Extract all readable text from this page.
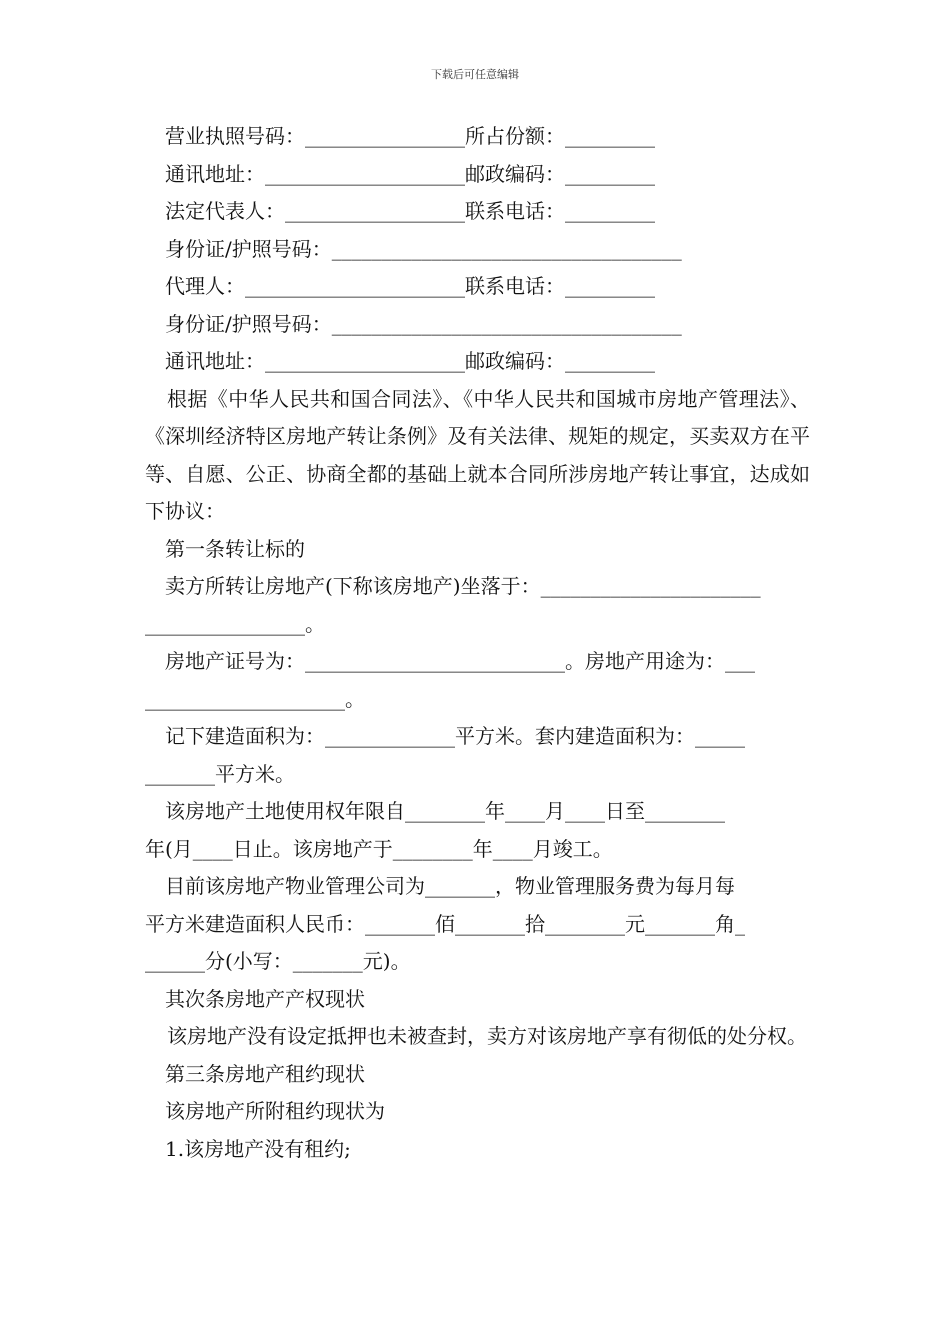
下载后可任意编辑
营业执照号码：________________所占份额：_________
通讯地址：____________________邮政编码：_________
法定代表人：__________________联系电话：_________
身份证/护照号码：___________________________________
代理人：______________________联系电话：_________
身份证/护照号码：___________________________________
通讯地址：____________________邮政编码：_________
根据《中华人民共和国合同法》、《中华人民共和国城市房地产管理法》、《深圳经济特区房地产转让条例》及有关法律、规矩的规定，买卖双方在平等、自愿、公正、协商全都的基础上就本合同所涉房地产转让事宜，达成如下协议：
第一条转让标的
卖方所转让房地产(下称该房地产)坐落于：______________________
________________。
房地产证号为：__________________________。房地产用途为：___
____________________。
记下建造面积为：_____________平方米。套内建造面积为：_____
_______平方米。
该房地产土地使用权年限自________年____月____日至________
年(月____日止。该房地产于________年____月竣工。
目前该房地产物业管理公司为_______，物业管理服务费为每月每
平方米建造面积人民币：_______佰_______拾________元_______角_
______分(小写：_______元)。
其次条房地产产权现状
该房地产没有设定抵押也未被查封，卖方对该房地产享有彻低的处分权。
第三条房地产租约现状
该房地产所附租约现状为
1.该房地产没有租约;
